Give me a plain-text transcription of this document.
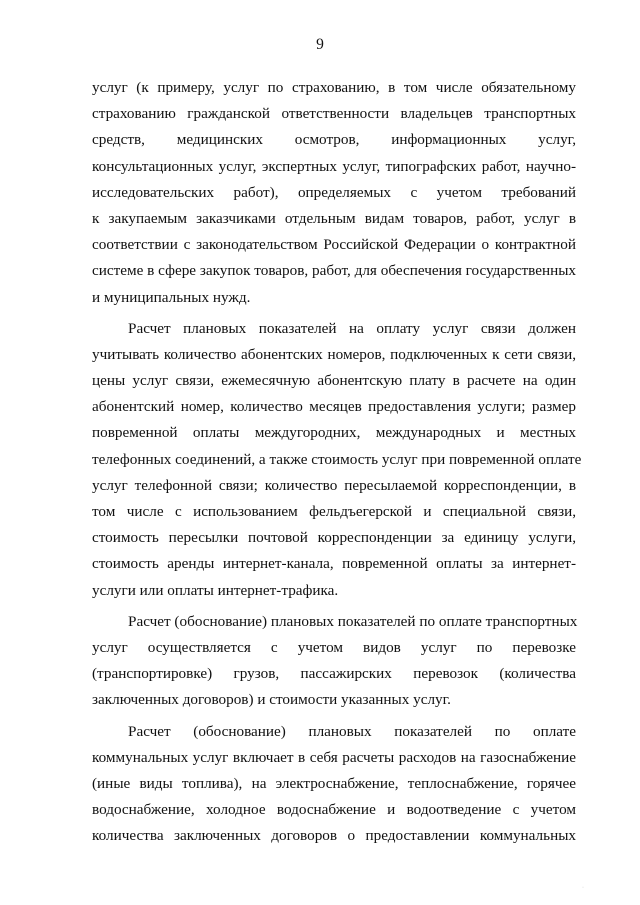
9
услуг (к примеру, услуг по страхованию, в том числе обязательному
страхованию гражданской ответственности владельцев транспортных
средств, медицинских осмотров, информационных услуг,
консультационных услуг, экспертных услуг, типографских работ, научно-
исследовательских работ), определяемых с учетом требований
к закупаемым заказчиками отдельным видам товаров, работ, услуг в
соответствии с законодательством Российской Федерации о контрактной
системе в сфере закупок товаров, работ, для обеспечения государственных
и муниципальных нужд.
Расчет плановых показателей на оплату услуг связи должен
учитывать количество абонентских номеров, подключенных к сети связи,
цены услуг связи, ежемесячную абонентскую плату в расчете на один
абонентский номер, количество месяцев предоставления услуги; размер
повременной оплаты междугородних, международных и местных
телефонных соединений, а также стоимость услуг при повременной оплате
услуг телефонной связи; количество пересылаемой корреспонденции, в
том числе с использованием фельдъегерской и специальной связи,
стоимость пересылки почтовой корреспонденции за единицу услуги,
стоимость аренды интернет-канала, повременной оплаты за интернет-
услуги или оплаты интернет-трафика.
Расчет (обоснование) плановых показателей по оплате транспортных
услуг осуществляется с учетом видов услуг по перевозке
(транспортировке) грузов, пассажирских перевозок (количества
заключенных договоров) и стоимости указанных услуг.
Расчет (обоснование) плановых показателей по оплате
коммунальных услуг включает в себя расчеты расходов на газоснабжение
(иные виды топлива), на электроснабжение, теплоснабжение, горячее
водоснабжение, холодное водоснабжение и водоотведение с учетом
количества заключенных договоров о предоставлении коммунальных
·
